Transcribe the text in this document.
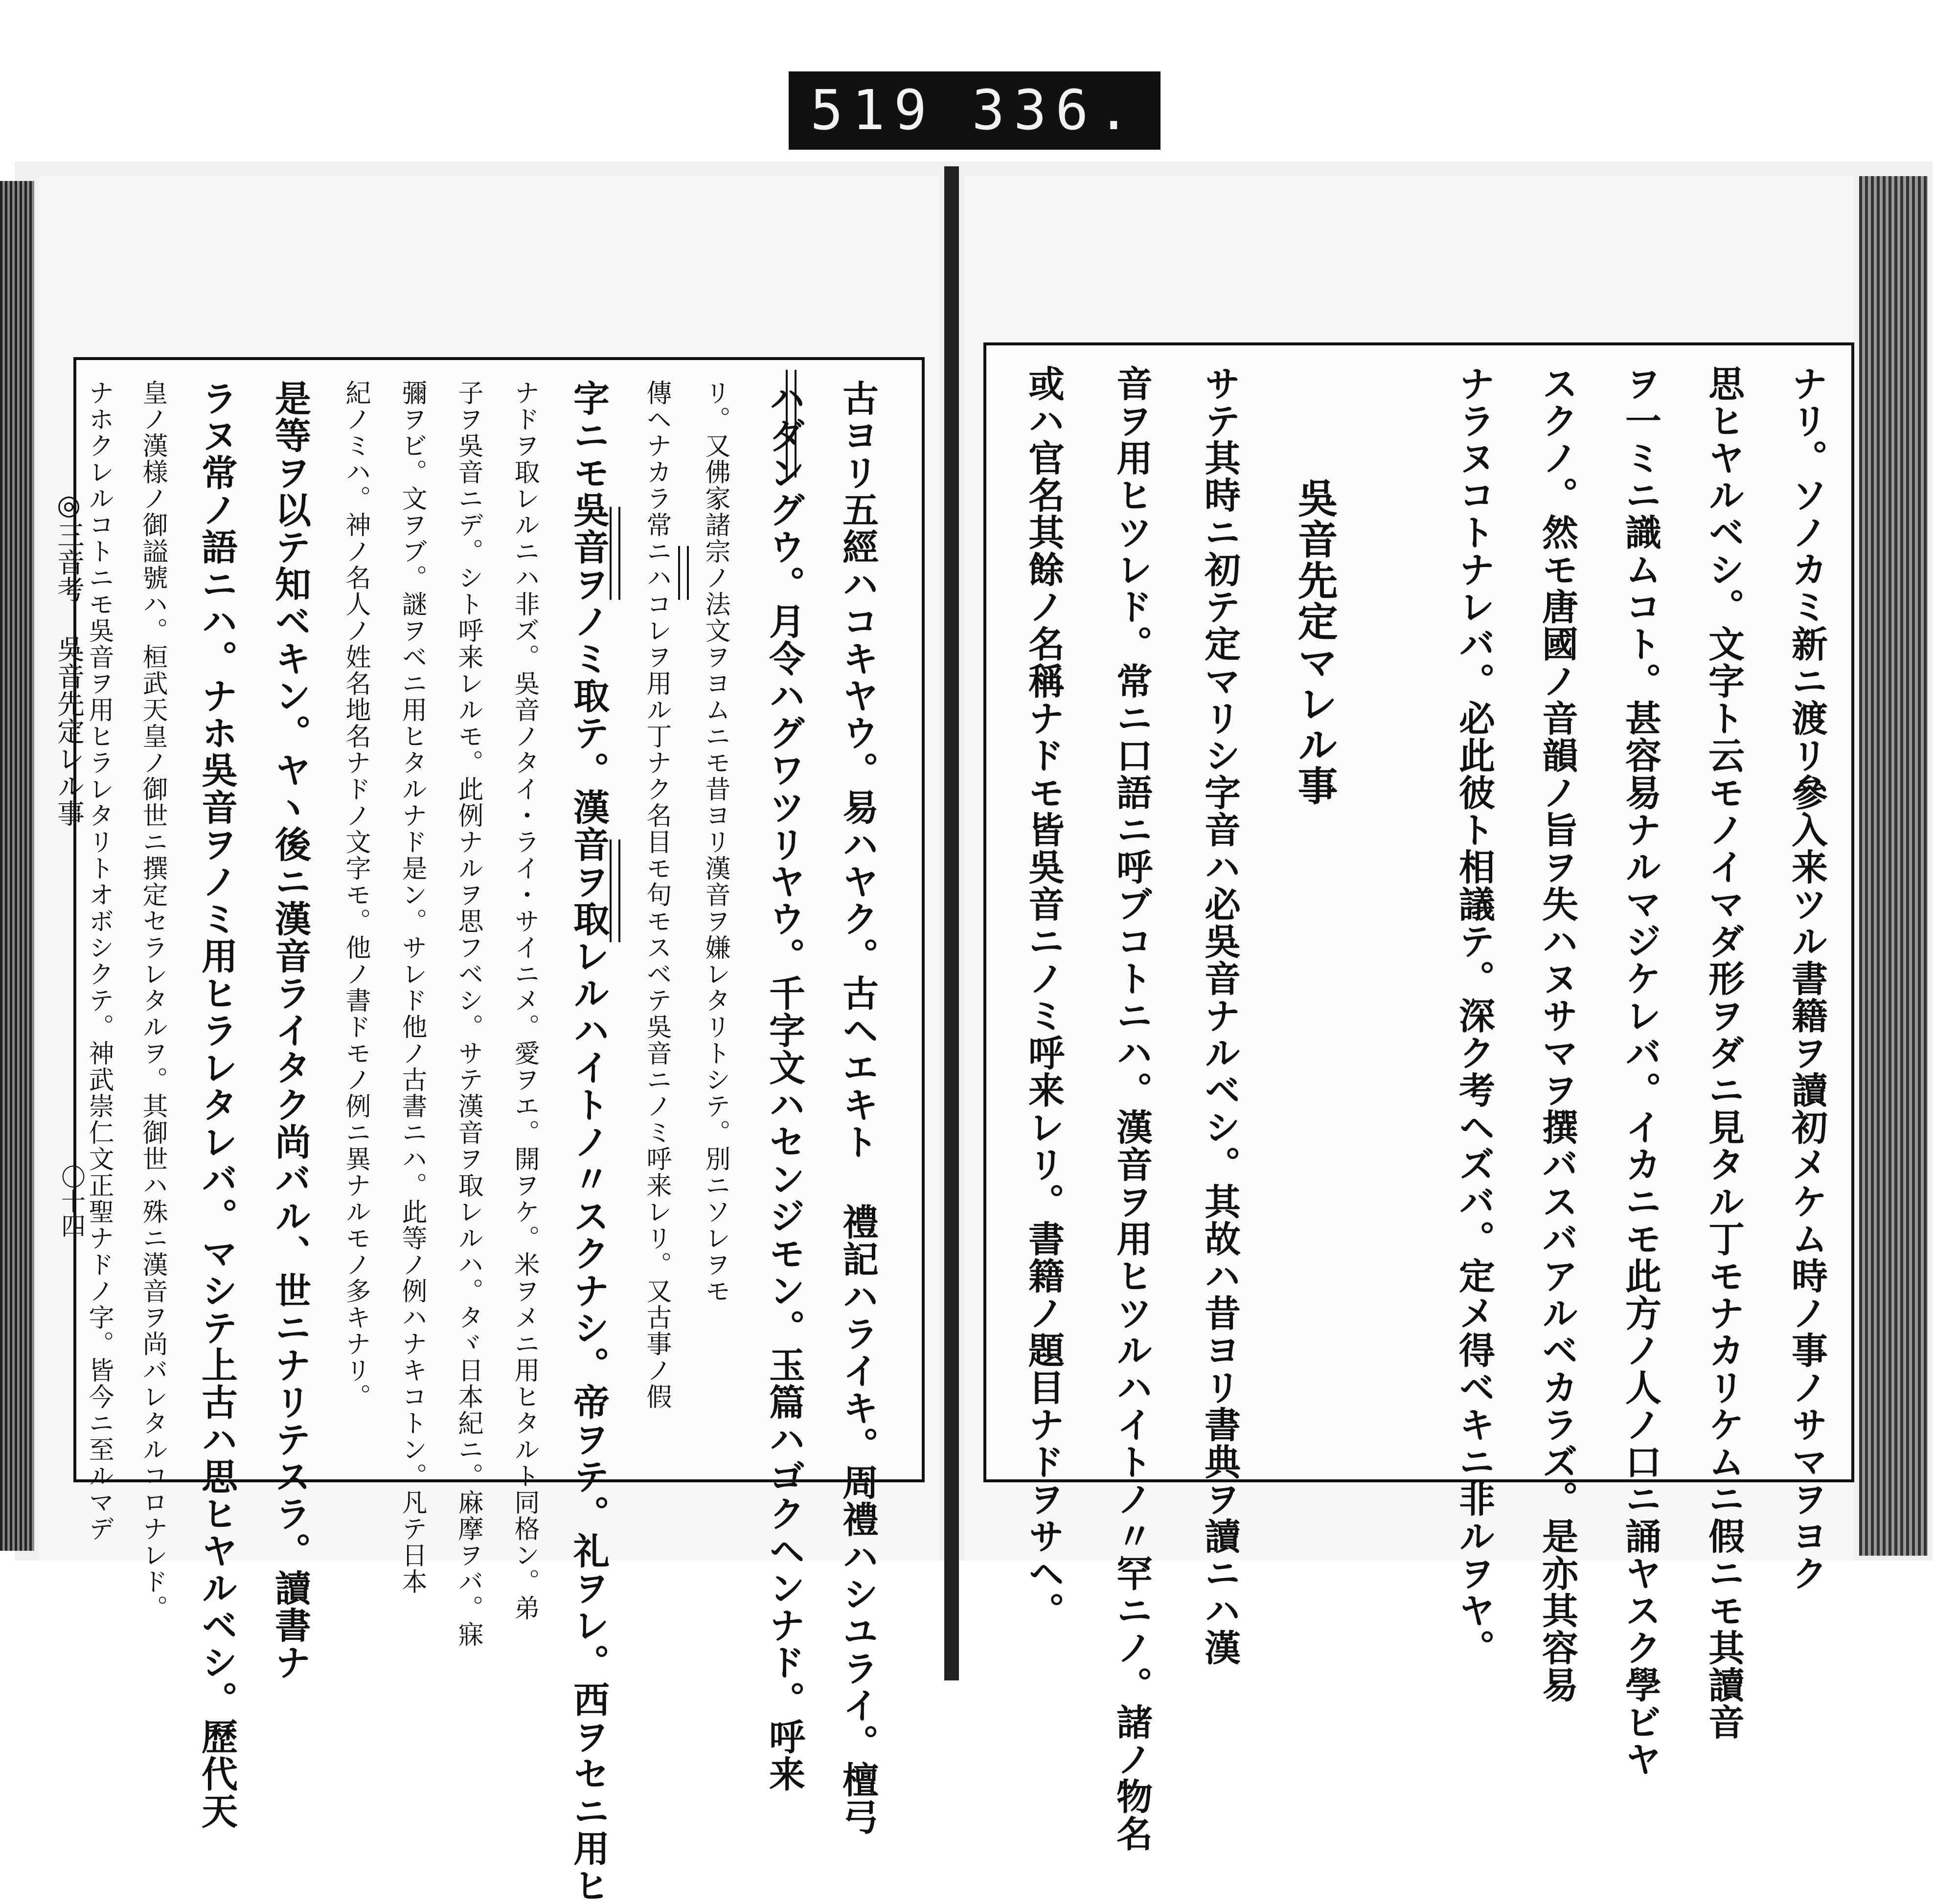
519 336.
ナリ。ソノカミ新ニ渡リ參入来ツル書籍ヲ讀初メケム時ノ事ノサマヲヨク
思ヒヤルベシ。文字ト云モノイマダ形ヲダニ見タル丁モナカリケムニ假ニモ其讀音
ヲ一ミニ識ムコト。甚容易ナルマジケレバ。イカニモ此方ノ人ノ口ニ誦ヤスク學ビヤ
スクノ。然モ唐國ノ音韻ノ旨ヲ失ハヌサマヲ撰バスバアルベカラズ。是亦其容易
ナラヌコトナレバ。必此彼ト相議テ。深ク考ヘズバ。定メ得ベキニ非ルヲヤ。
吳音先定マレル事
サテ其時ニ初テ定マリシ字音ハ必吳音ナルベシ。其故ハ昔ヨリ書典ヲ讀ニハ漢
音ヲ用ヒツレド。常ニ口語ニ呼ブコトニハ。漢音ヲ用ヒツルハイトノ〃罕ニノ。諸ノ物名
或ハ官名其餘ノ名稱ナドモ皆吳音ニノミ呼来レリ。書籍ノ題目ナドヲサヘ。
古ヨリ五經ハコキヤウ。易ハヤク。古ヘエキト 禮記ハライキ。周禮ハシユライ。檀弓
ハダングウ。月令ハグワツリヤウ。千字文ハセンジモン。玉篇ハゴクヘンナド。呼来
リ。又佛家諸宗ノ法文ヲヨムニモ昔ヨリ漢音ヲ嫌レタリトシテ。別ニソレヲモ
傳ヘナカラ常ニハコレヲ用ル丁ナク名目モ句モスベテ吳音ニノミ呼来レリ。又古事ノ假
字ニモ吳音ヲノミ取テ。漢音ヲ取レルハイトノ〃スクナシ。帝ヲテ。礼ヲレ。西ヲセニ用ヒ
ナドヲ取レルニハ非ズ。吳音ノタイ・ライ・サイニメ。愛ヲエ。開ヲケ。米ヲメニ用ヒタルト同格ン。弟
子ヲ吳音ニデ。シト呼来レルモ。此例ナルヲ思フベシ。サテ漢音ヲ取レルハ。タヾ日本紀ニ。麻摩ヲバ。寐
彌ヲビ。文ヲブ。謎ヲベニ用ヒタルナド是ン。サレド他ノ古書ニハ。此等ノ例ハナキコトン。凡テ日本
紀ノミハ。神ノ名人ノ姓名地名ナドノ文字モ。他ノ書ドモノ例ニ異ナルモノ多キナリ。
是等ヲ以テ知ベキン。ヤヽ後ニ漢音ライタク尚バル、世ニナリテスラ。讀書ナ
ラヌ常ノ語ニハ。ナホ吳音ヲノミ用ヒラレタレバ。マシテ上古ハ思ヒヤルベシ。歷代天
皇ノ漢様ノ御謚號ハ。桓武天皇ノ御世ニ撰定セラレタルヲ。其御世ハ殊ニ漢音ヲ尚バレタルコロナレド。
ナホクレルコトニモ吳音ヲ用ヒラレタリトオボシクテ。神武崇仁文正聖ナドノ字。皆今ニ至ルマデ
◎三音考 吳音先定レル事
〇十四
